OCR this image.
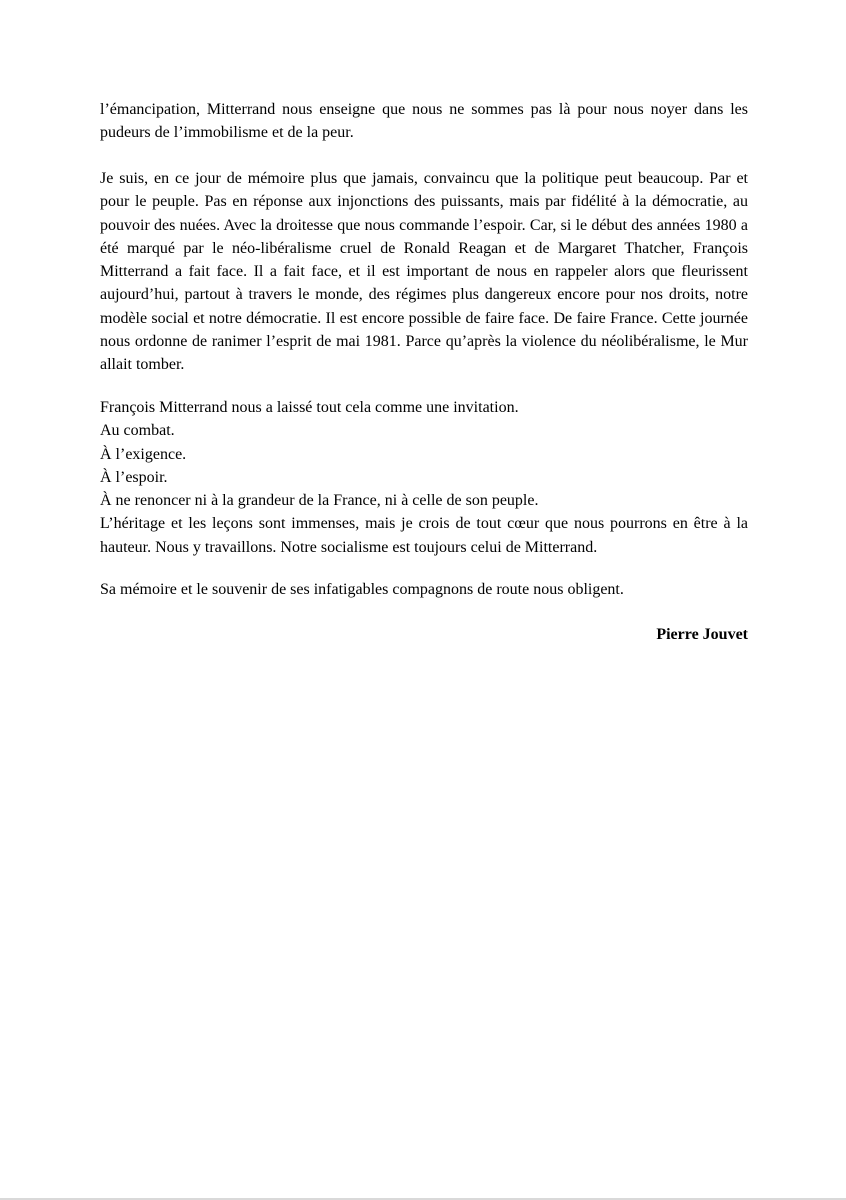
l’émancipation, Mitterrand nous enseigne que nous ne sommes pas là pour nous noyer dans les pudeurs de l’immobilisme et de la peur.

Je suis, en ce jour de mémoire plus que jamais, convaincu que la politique peut beaucoup. Par et pour le peuple. Pas en réponse aux injonctions des puissants, mais par fidélité à la démocratie, au pouvoir des nuées. Avec la droitesse que nous commande l’espoir. Car, si le début des années 1980 a été marqué par le néo-libéralisme cruel de Ronald Reagan et de Margaret Thatcher, François Mitterrand a fait face. Il a fait face, et il est important de nous en rappeler alors que fleurissent aujourd’hui, partout à travers le monde, des régimes plus dangereux encore pour nos droits, notre modèle social et notre démocratie. Il est encore possible de faire face. De faire France. Cette journée nous ordonne de ranimer l’esprit de mai 1981. Parce qu’après la violence du néolibéralisme, le Mur allait tomber.

François Mitterrand nous a laissé tout cela comme une invitation.
Au combat.
À l’exigence.
À l’espoir.
À ne renoncer ni à la grandeur de la France, ni à celle de son peuple.
L’héritage et les leçons sont immenses, mais je crois de tout cœur que nous pourrons en être à la hauteur. Nous y travaillons. Notre socialisme est toujours celui de Mitterrand.

Sa mémoire et le souvenir de ses infatigables compagnons de route nous obligent.

Pierre Jouvet
